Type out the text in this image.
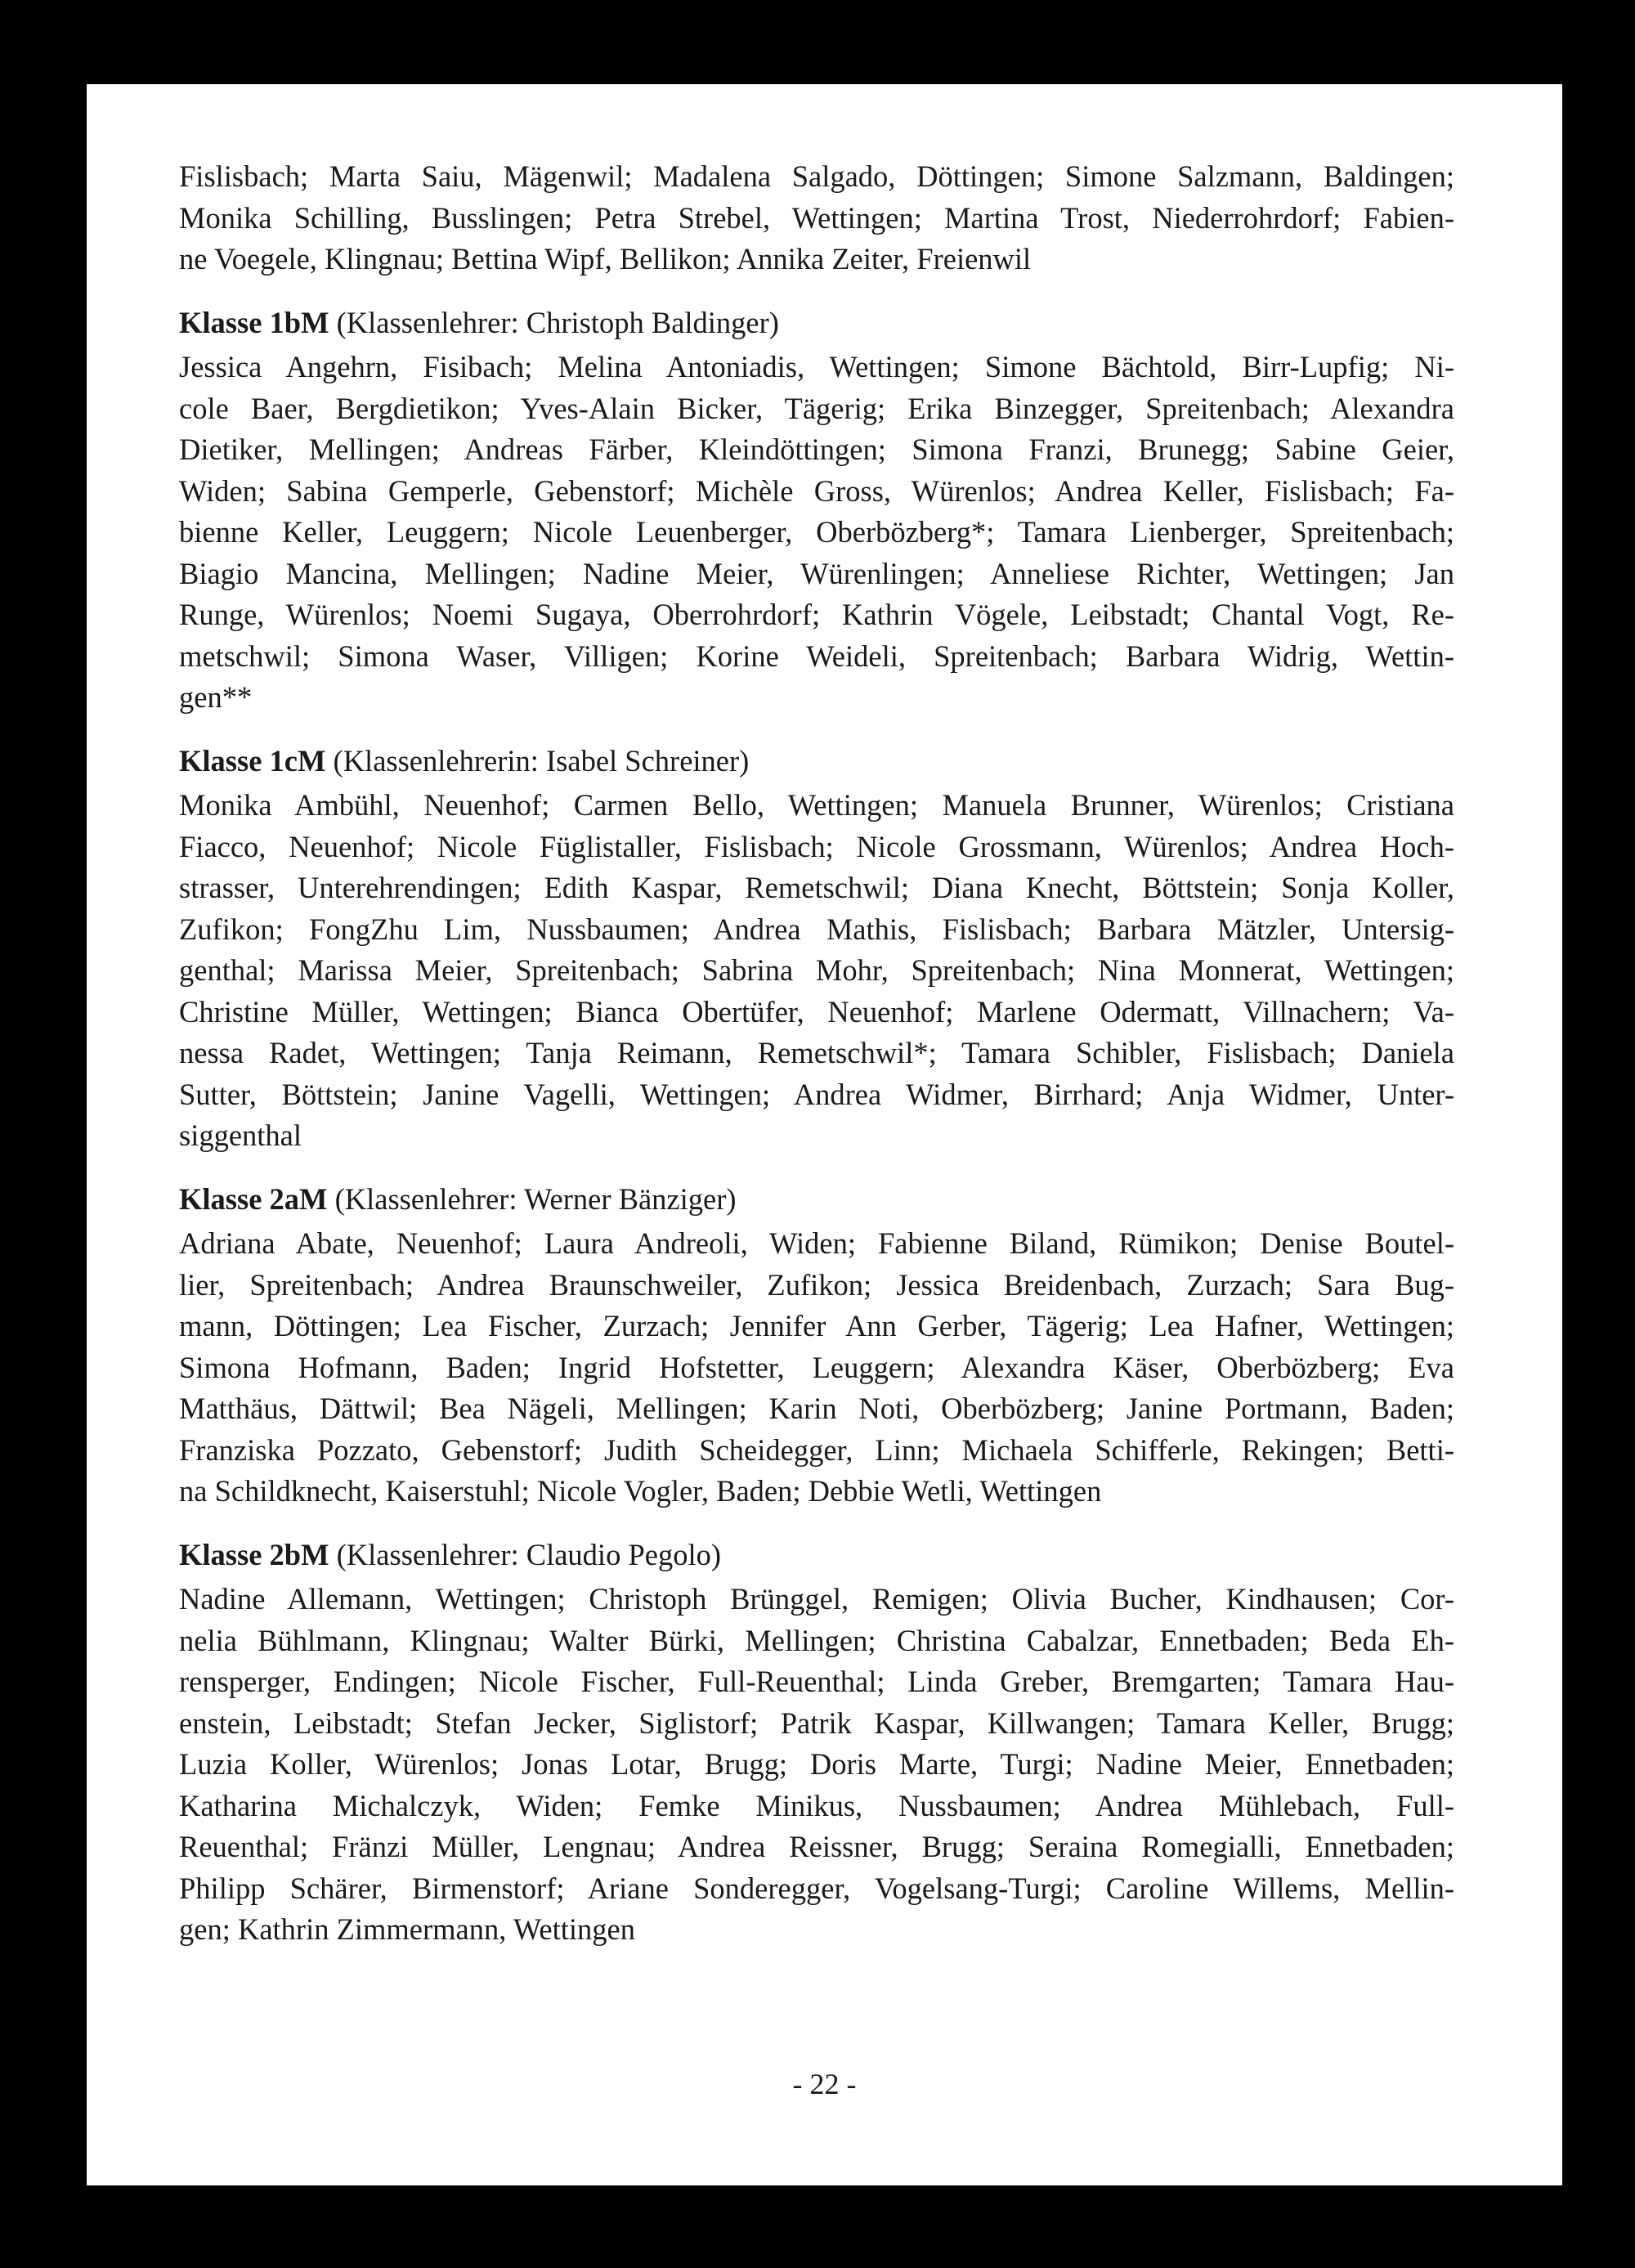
Fislisbach; Marta Saiu, Mägenwil; Madalena Salgado, Döttingen; Simone Salzmann, Baldingen;
Monika Schilling, Busslingen; Petra Strebel, Wettingen; Martina Trost, Niederrohrdorf; Fabien-
ne Voegele, Klingnau; Bettina Wipf, Bellikon; Annika Zeiter, Freienwil
Klasse 1bM (Klassenlehrer: Christoph Baldinger)
Jessica Angehrn, Fisibach; Melina Antoniadis, Wettingen; Simone Bächtold, Birr-Lupfig; Ni-
cole Baer, Bergdietikon; Yves-Alain Bicker, Tägerig; Erika Binzegger, Spreitenbach; Alexandra
Dietiker, Mellingen; Andreas Färber, Kleindöttingen; Simona Franzi, Brunegg; Sabine Geier,
Widen; Sabina Gemperle, Gebenstorf; Michèle Gross, Würenlos; Andrea Keller, Fislisbach; Fa-
bienne Keller, Leuggern; Nicole Leuenberger, Oberbözberg*; Tamara Lienberger, Spreitenbach;
Biagio Mancina, Mellingen; Nadine Meier, Würenlingen; Anneliese Richter, Wettingen; Jan
Runge, Würenlos; Noemi Sugaya, Oberrohrdorf; Kathrin Vögele, Leibstadt; Chantal Vogt, Re-
metschwil; Simona Waser, Villigen; Korine Weideli, Spreitenbach; Barbara Widrig, Wettin-
gen**
Klasse 1cM (Klassenlehrerin: Isabel Schreiner)
Monika Ambühl, Neuenhof; Carmen Bello, Wettingen; Manuela Brunner, Würenlos; Cristiana
Fiacco, Neuenhof; Nicole Füglistaller, Fislisbach; Nicole Grossmann, Würenlos; Andrea Hoch-
strasser, Unterehrendingen; Edith Kaspar, Remetschwil; Diana Knecht, Böttstein; Sonja Koller,
Zufikon; FongZhu Lim, Nussbaumen; Andrea Mathis, Fislisbach; Barbara Mätzler, Untersig-
genthal; Marissa Meier, Spreitenbach; Sabrina Mohr, Spreitenbach; Nina Monnerat, Wettingen;
Christine Müller, Wettingen; Bianca Obertüfer, Neuenhof; Marlene Odermatt, Villnachern; Va-
nessa Radet, Wettingen; Tanja Reimann, Remetschwil*; Tamara Schibler, Fislisbach; Daniela
Sutter, Böttstein; Janine Vagelli, Wettingen; Andrea Widmer, Birrhard; Anja Widmer, Unter-
siggenthal
Klasse 2aM (Klassenlehrer: Werner Bänziger)
Adriana Abate, Neuenhof; Laura Andreoli, Widen; Fabienne Biland, Rümikon; Denise Boutel-
lier, Spreitenbach; Andrea Braunschweiler, Zufikon; Jessica Breidenbach, Zurzach; Sara Bug-
mann, Döttingen; Lea Fischer, Zurzach; Jennifer Ann Gerber, Tägerig; Lea Hafner, Wettingen;
Simona Hofmann, Baden; Ingrid Hofstetter, Leuggern; Alexandra Käser, Oberbözberg; Eva
Matthäus, Dättwil; Bea Nägeli, Mellingen; Karin Noti, Oberbözberg; Janine Portmann, Baden;
Franziska Pozzato, Gebenstorf; Judith Scheidegger, Linn; Michaela Schifferle, Rekingen; Betti-
na Schildknecht, Kaiserstuhl; Nicole Vogler, Baden; Debbie Wetli, Wettingen
Klasse 2bM (Klassenlehrer: Claudio Pegolo)
Nadine Allemann, Wettingen; Christoph Brünggel, Remigen; Olivia Bucher, Kindhausen; Cor-
nelia Bühlmann, Klingnau; Walter Bürki, Mellingen; Christina Cabalzar, Ennetbaden; Beda Eh-
rensperger, Endingen; Nicole Fischer, Full-Reuenthal; Linda Greber, Bremgarten; Tamara Hau-
enstein, Leibstadt; Stefan Jecker, Siglistorf; Patrik Kaspar, Killwangen; Tamara Keller, Brugg;
Luzia Koller, Würenlos; Jonas Lotar, Brugg; Doris Marte, Turgi; Nadine Meier, Ennetbaden;
Katharina Michalczyk, Widen; Femke Minikus, Nussbaumen; Andrea Mühlebach, Full-
Reuenthal; Fränzi Müller, Lengnau; Andrea Reissner, Brugg; Seraina Romegialli, Ennetbaden;
Philipp Schärer, Birmenstorf; Ariane Sonderegger, Vogelsang-Turgi; Caroline Willems, Mellin-
gen; Kathrin Zimmermann, Wettingen
- 22 -
